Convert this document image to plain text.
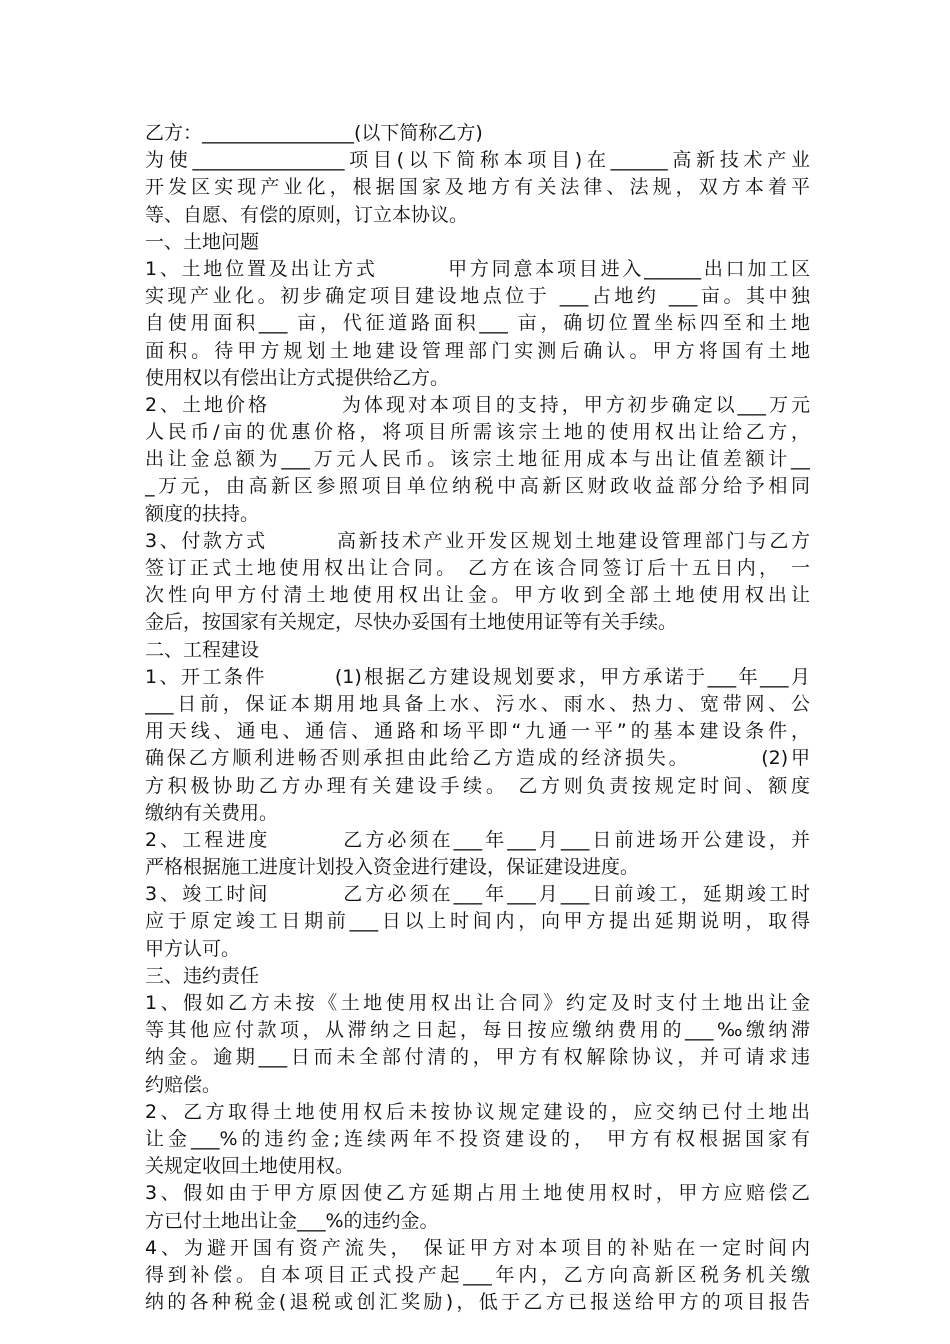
乙方：________________(以下简称乙方)
为使________________项目(以下简称本项目)在______高新技术产业
开发区实现产业化，根据国家及地方有关法律、法规，双方本着平
等、自愿、有偿的原则，订立本协议。
一、土地问题
1、土地位置及出让方式        甲方同意本项目进入______出口加工区
实现产业化。初步确定项目建设地点位于 ___占地约 ___亩。其中独
自使用面积___ 亩，代征道路面积___ 亩，确切位置坐标四至和土地
面积。待甲方规划土地建设管理部门实测后确认。甲方将国有土地
使用权以有偿出让方式提供给乙方。
2、土地价格        为体现对本项目的支持，甲方初步确定以___万元
人民币/亩的优惠价格，将项目所需该宗土地的使用权出让给乙方，
出让金总额为___万元人民币。该宗土地征用成本与出让值差额计__
_万元，由高新区参照项目单位纳税中高新区财政收益部分给予相同
额度的扶持。
3、付款方式        高新技术产业开发区规划土地建设管理部门与乙方
签订正式土地使用权出让合同。 乙方在该合同签订后十五日内， 一
次性向甲方付清土地使用权出让金。甲方收到全部土地使用权出让
金后，按国家有关规定，尽快办妥国有土地使用证等有关手续。
二、工程建设
1、开工条件        (1)根据乙方建设规划要求，甲方承诺于___年___月
___日前，保证本期用地具备上水、污水、雨水、热力、宽带网、公
用天线、通电、通信、通路和场平即“九通一平”的基本建设条件，
确保乙方顺利进畅否则承担由此给乙方造成的经济损失。        (2)甲
方积极协助乙方办理有关建设手续。 乙方则负责按规定时间、额度
缴纳有关费用。
2、工程进度        乙方必须在___年___月___日前进场开公建设，并
严格根据施工进度计划投入资金进行建设，保证建设进度。
3、竣工时间        乙方必须在___年___月___日前竣工，延期竣工时
应于原定竣工日期前___日以上时间内，向甲方提出延期说明，取得
甲方认可。
三、违约责任
1、假如乙方未按《土地使用权出让合同》约定及时支付土地出让金
等其他应付款项，从滞纳之日起，每日按应缴纳费用的___‰缴纳滞
纳金。逾期___日而未全部付清的，甲方有权解除协议，并可请求违
约赔偿。
2、乙方取得土地使用权后未按协议规定建设的，应交纳已付土地出
让金___%的违约金;连续两年不投资建设的， 甲方有权根据国家有
关规定收回土地使用权。
3、假如由于甲方原因使乙方延期占用土地使用权时，甲方应赔偿乙
方已付土地出让金___%的违约金。
4、为避开国有资产流失， 保证甲方对本项目的补贴在一定时间内
得到补偿。自本项目正式投产起___年内，乙方向高新区税务机关缴
纳的各种税金(退税或创汇奖励)，低于乙方已报送给甲方的项目报告
